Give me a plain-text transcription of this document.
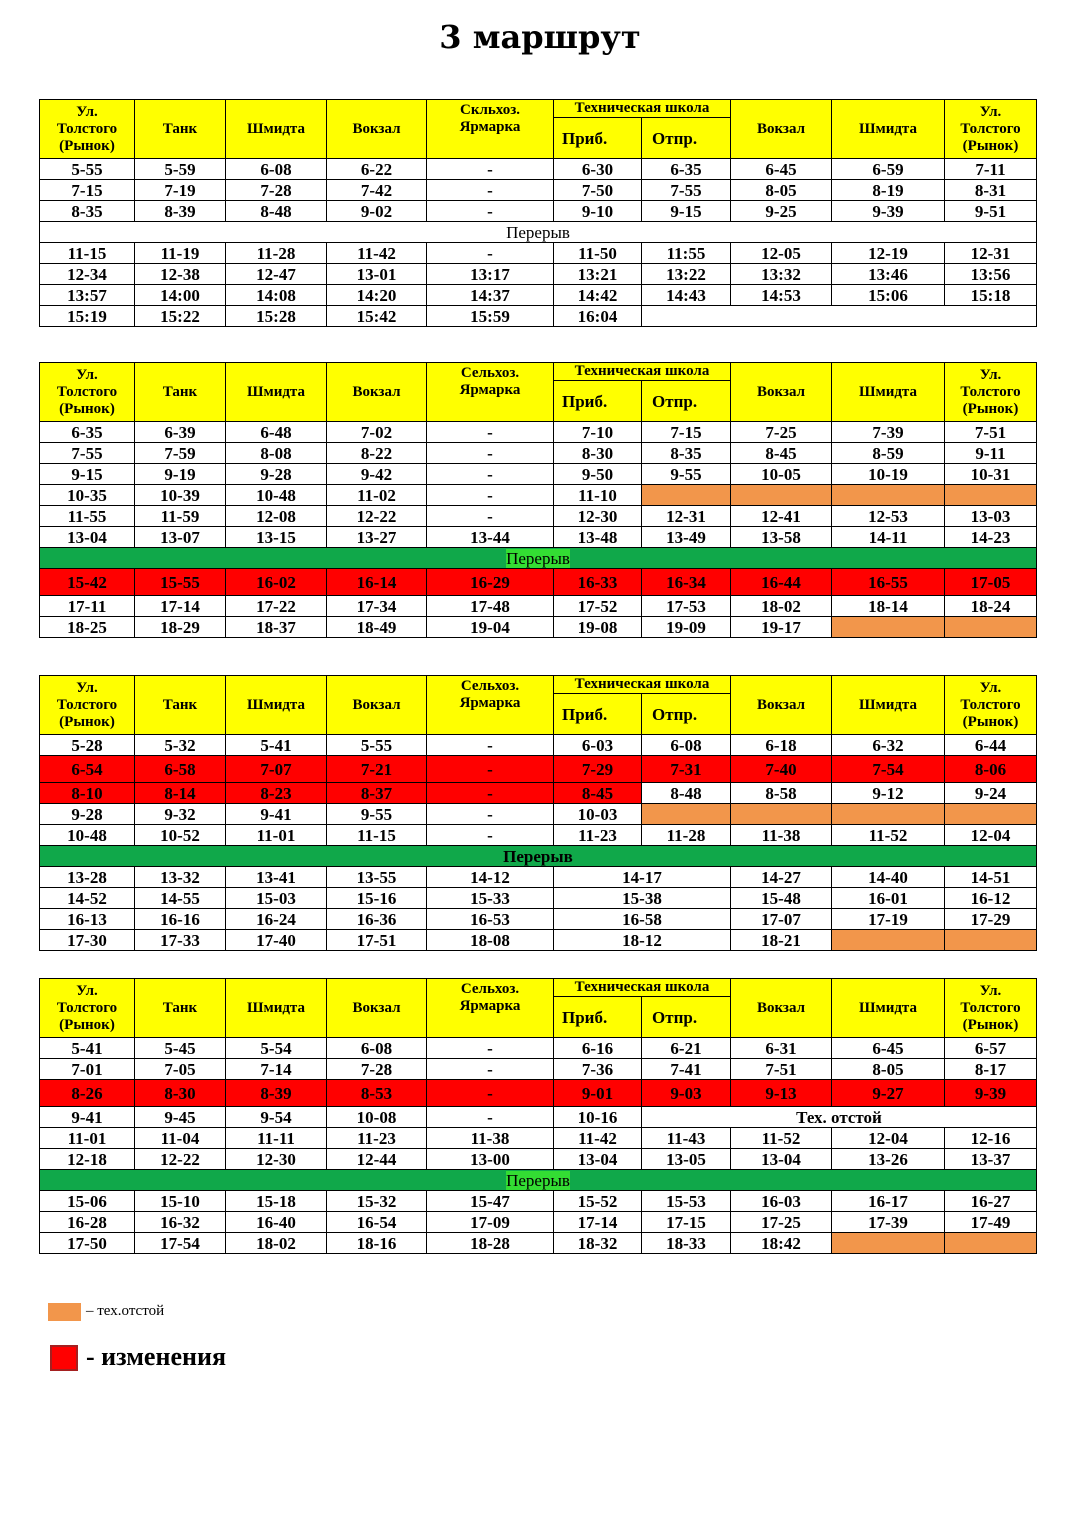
3 маршрут
Ул.
Толстого
(Рынок)	Танк	Шмидта	Вокзал	Скльхоз.
Ярмарка	Техническая школа		Вокзал	Шмидта	Ул.
Толстого
(Рынок)
					Приб.	Отпр.			
5-55	5-59	6-08	6-22	-	6-30	6-35	6-45	6-59	7-11
7-15	7-19	7-28	7-42	-	7-50	7-55	8-05	8-19	8-31
8-35	8-39	8-48	9-02	-	9-10	9-15	9-25	9-39	9-51
Перерыв									
11-15	11-19	11-28	11-42	-	11-50	11:55	12-05	12-19	12-31
12-34	12-38	12-47	13-01	13:17	13:21	13:22	13:32	13:46	13:56
13:57	14:00	14:08	14:20	14:37	14:42	14:43	14:53	15:06	15:18
15:19	15:22	15:28	15:42	15:59	16:04				
Ул.
Толстого
(Рынок)	Танк	Шмидта	Вокзал	Сельхоз.
Ярмарка	Техническая школа		Вокзал	Шмидта	Ул.
Толстого
(Рынок)
					Приб.	Отпр.			
6-35	6-39	6-48	7-02	-	7-10	7-15	7-25	7-39	7-51
7-55	7-59	8-08	8-22	-	8-30	8-35	8-45	8-59	9-11
9-15	9-19	9-28	9-42	-	9-50	9-55	10-05	10-19	10-31
10-35	10-39	10-48	11-02	-	11-10				
11-55	11-59	12-08	12-22	-	12-30	12-31	12-41	12-53	13-03
13-04	13-07	13-15	13-27	13-44	13-48	13-49	13-58	14-11	14-23
Перерыв									
15-42	15-55	16-02	16-14	16-29	16-33	16-34	16-44	16-55	17-05
17-11	17-14	17-22	17-34	17-48	17-52	17-53	18-02	18-14	18-24
18-25	18-29	18-37	18-49	19-04	19-08	19-09	19-17		
Ул.
Толстого
(Рынок)	Танк	Шмидта	Вокзал	Сельхоз.
Ярмарка	Техническая школа		Вокзал	Шмидта	Ул.
Толстого
(Рынок)
					Приб.	Отпр.			
5-28	5-32	5-41	5-55	-	6-03	6-08	6-18	6-32	6-44
6-54	6-58	7-07	7-21	-	7-29	7-31	7-40	7-54	8-06
8-10	8-14	8-23	8-37	-	8-45	8-48	8-58	9-12	9-24
9-28	9-32	9-41	9-55	-	10-03				
10-48	10-52	11-01	11-15	-	11-23	11-28	11-38	11-52	12-04
Перерыв									
13-28	13-32	13-41	13-55	14-12	14-17		14-27	14-40	14-51
14-52	14-55	15-03	15-16	15-33	15-38		15-48	16-01	16-12
16-13	16-16	16-24	16-36	16-53	16-58		17-07	17-19	17-29
17-30	17-33	17-40	17-51	18-08	18-12		18-21		
Ул.
Толстого
(Рынок)	Танк	Шмидта	Вокзал	Сельхоз.
Ярмарка	Техническая школа		Вокзал	Шмидта	Ул.
Толстого
(Рынок)
					Приб.	Отпр.			
5-41	5-45	5-54	6-08	-	6-16	6-21	6-31	6-45	6-57
7-01	7-05	7-14	7-28	-	7-36	7-41	7-51	8-05	8-17
8-26	8-30	8-39	8-53	-	9-01	9-03	9-13	9-27	9-39
9-41	9-45	9-54	10-08	-	10-16	Тех. отстой			
11-01	11-04	11-11	11-23	11-38	11-42	11-43	11-52	12-04	12-16
12-18	12-22	12-30	12-44	13-00	13-04	13-05	13-04	13-26	13-37
Перерыв									
15-06	15-10	15-18	15-32	15-47	15-52	15-53	16-03	16-17	16-27
16-28	16-32	16-40	16-54	17-09	17-14	17-15	17-25	17-39	17-49
17-50	17-54	18-02	18-16	18-28	18-32	18-33	18:42		
– тех.отстой
- изменения
